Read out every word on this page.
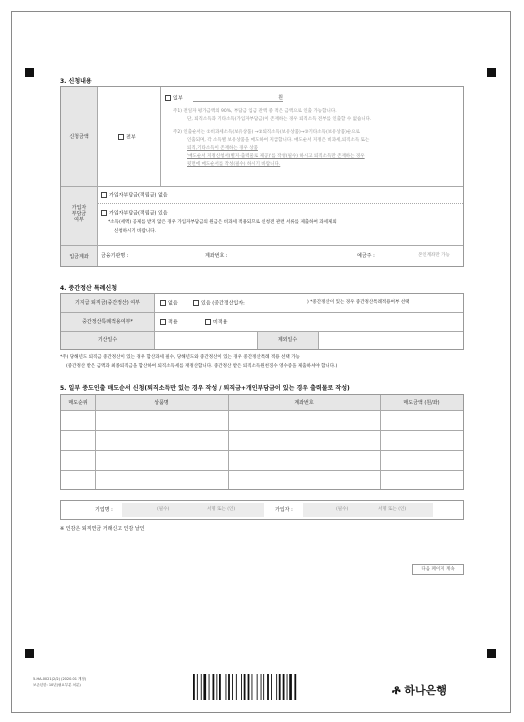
3. 신청내용
신청금액	전부
일부	원
주1) 전일자 평가금액의 90%, 부담금 입금 잔액 중 적은 금액으로 인출 가능합니다.
단, 퇴직소득과 기타소득(가입자부담금)이 존재하는 경우 퇴직소득 전부를 인출할 수 없습니다.
주2) 인출순서는 ①비과세소득(보유상품) →②퇴직소득(보유상품)→③기타소득(보유상품)순으로
인출되며, 각 소득별 보유상품을 매도하여 지급합니다. 매도순서 지정은 비과세,퇴직소득 또는
퇴직,기타소득이 존재하는 경우 상품
'매도순서 지정신청서(별지-출력물로 제공)'를 작성(필수) 하시고 퇴직소득만 존재하는 경우
뒷면에 매도순서를 작성(필수) 하시기 바랍니다.
가입자
부담금
여부
가입자부담금(적립금) 없음
가입자부담금(적립금) 있음
*소득(세액) 공제를 받지 않은 경우 가입자부담금의 원금은 비과세 적용되므로 신청전 관련 서류를 제출하여 과세제외
신청하시기 바랍니다.
입금계좌	금융기관명 :	계좌번호 :	예금주 :	본인계좌만 가능
4. 중간정산 특례신청
기지급 퇴직금(중간정산) 여부	없음	있음 (중간정산일자:	) *중간정산이 있는 경우 중간정산특례적용여부 선택
중간정산특례적용여부*	적용	미적용
기산일수	제외일수
*주) 당해년도 퇴직금 중간정산이 있는 경우 합산과세 필수, 당해년도와 중간정산이 있는 경우 중간정산특례 적용 선택 가능
(중간정산 받은 금액과 최종퇴직금을 합산하여 퇴직소득세를 재정산합니다. 중간정산 받은 퇴직소득원천징수 영수증을 제출하셔야 합니다.)
5. 일부 중도인출 매도순서 신청(퇴직소득만 있는 경우 작성 / 퇴직금+개인부담금이 있는 경우 출력물로 작성)
매도순위	상품명	계좌번호	매도금액 (원/좌)
기업명 :	(필수)	서명 또는 (인)	가입자 :	(필수)	서명 또는 (인)
※ 인감은 퇴직연금 거래신고 인감 날인
다음 페이지 계속
5-HA-0021(2/2) (2020.01 개정)
보존년한: 10년(필요부분 처분)	ቶ 하나은행
